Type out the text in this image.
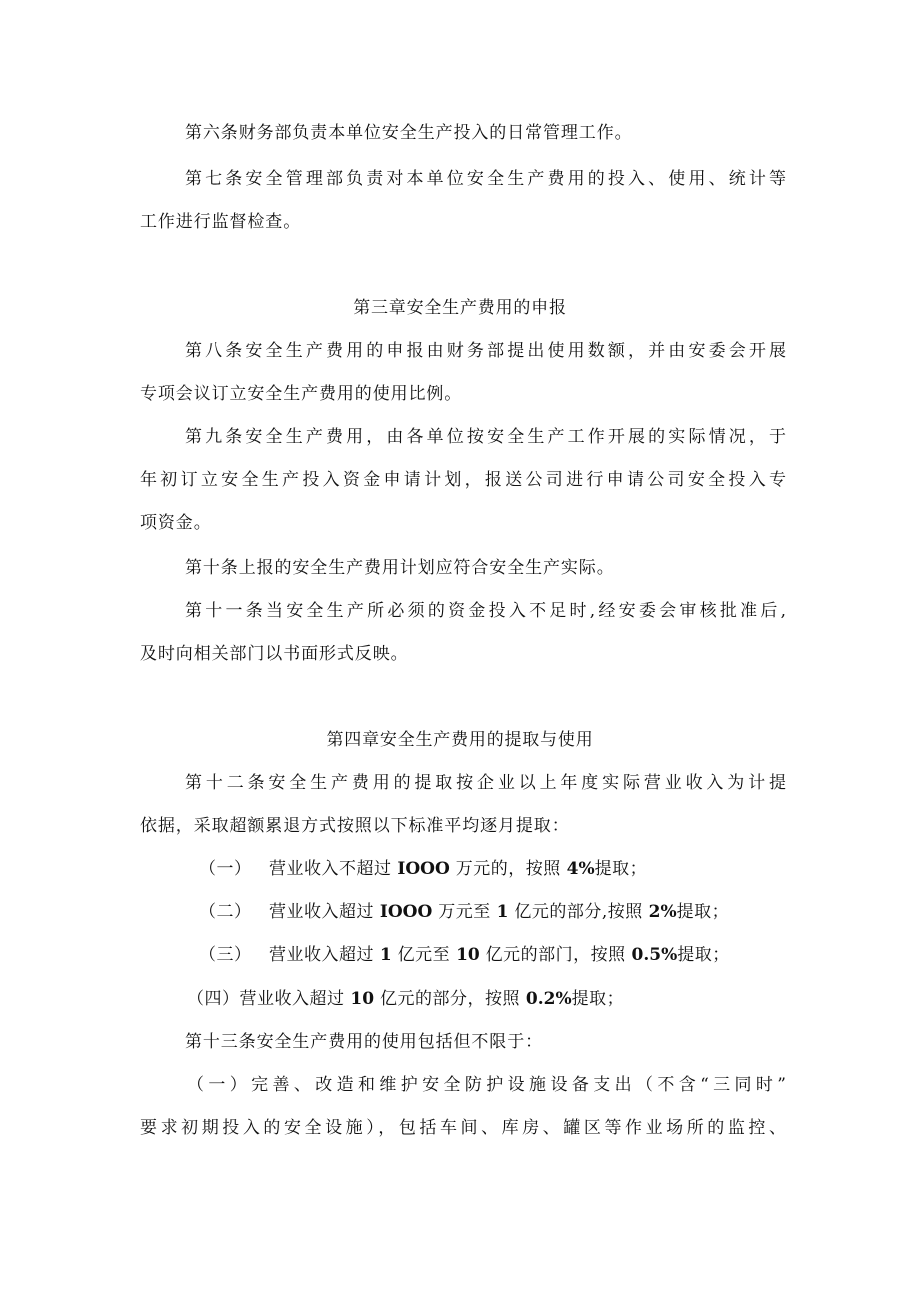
第六条财务部负责本单位安全生产投入的日常管理工作。
第七条安全管理部负责对本单位安全生产费用的投入、使用、统计等
工作进行监督检查。
第三章安全生产费用的申报
第八条安全生产费用的申报由财务部提出使用数额，并由安委会开展
专项会议订立安全生产费用的使用比例。
第九条安全生产费用，由各单位按安全生产工作开展的实际情况，于
年初订立安全生产投入资金申请计划，报送公司进行申请公司安全投入专
项资金。
第十条上报的安全生产费用计划应符合安全生产实际。
第十一条当安全生产所必须的资金投入不足时,经安委会审核批准后,
及时向相关部门以书面形式反映。
第四章安全生产费用的提取与使用
第十二条安全生产费用的提取按企业以上年度实际营业收入为计提
依据，采取超额累退方式按照以下标准平均逐月提取：
（一） 营业收入不超过 IOOO 万元的，按照 4%提取；
（二） 营业收入超过 IOOO 万元至 1 亿元的部分,按照 2%提取；
（三） 营业收入超过 1 亿元至 10 亿元的部门，按照 0.5%提取；
（四）营业收入超过 10 亿元的部分，按照 0.2%提取；
第十三条安全生产费用的使用包括但不限于：
（一）完善、改造和维护安全防护设施设备支出（不含“三同时”
要求初期投入的安全设施），包括车间、库房、罐区等作业场所的监控、
